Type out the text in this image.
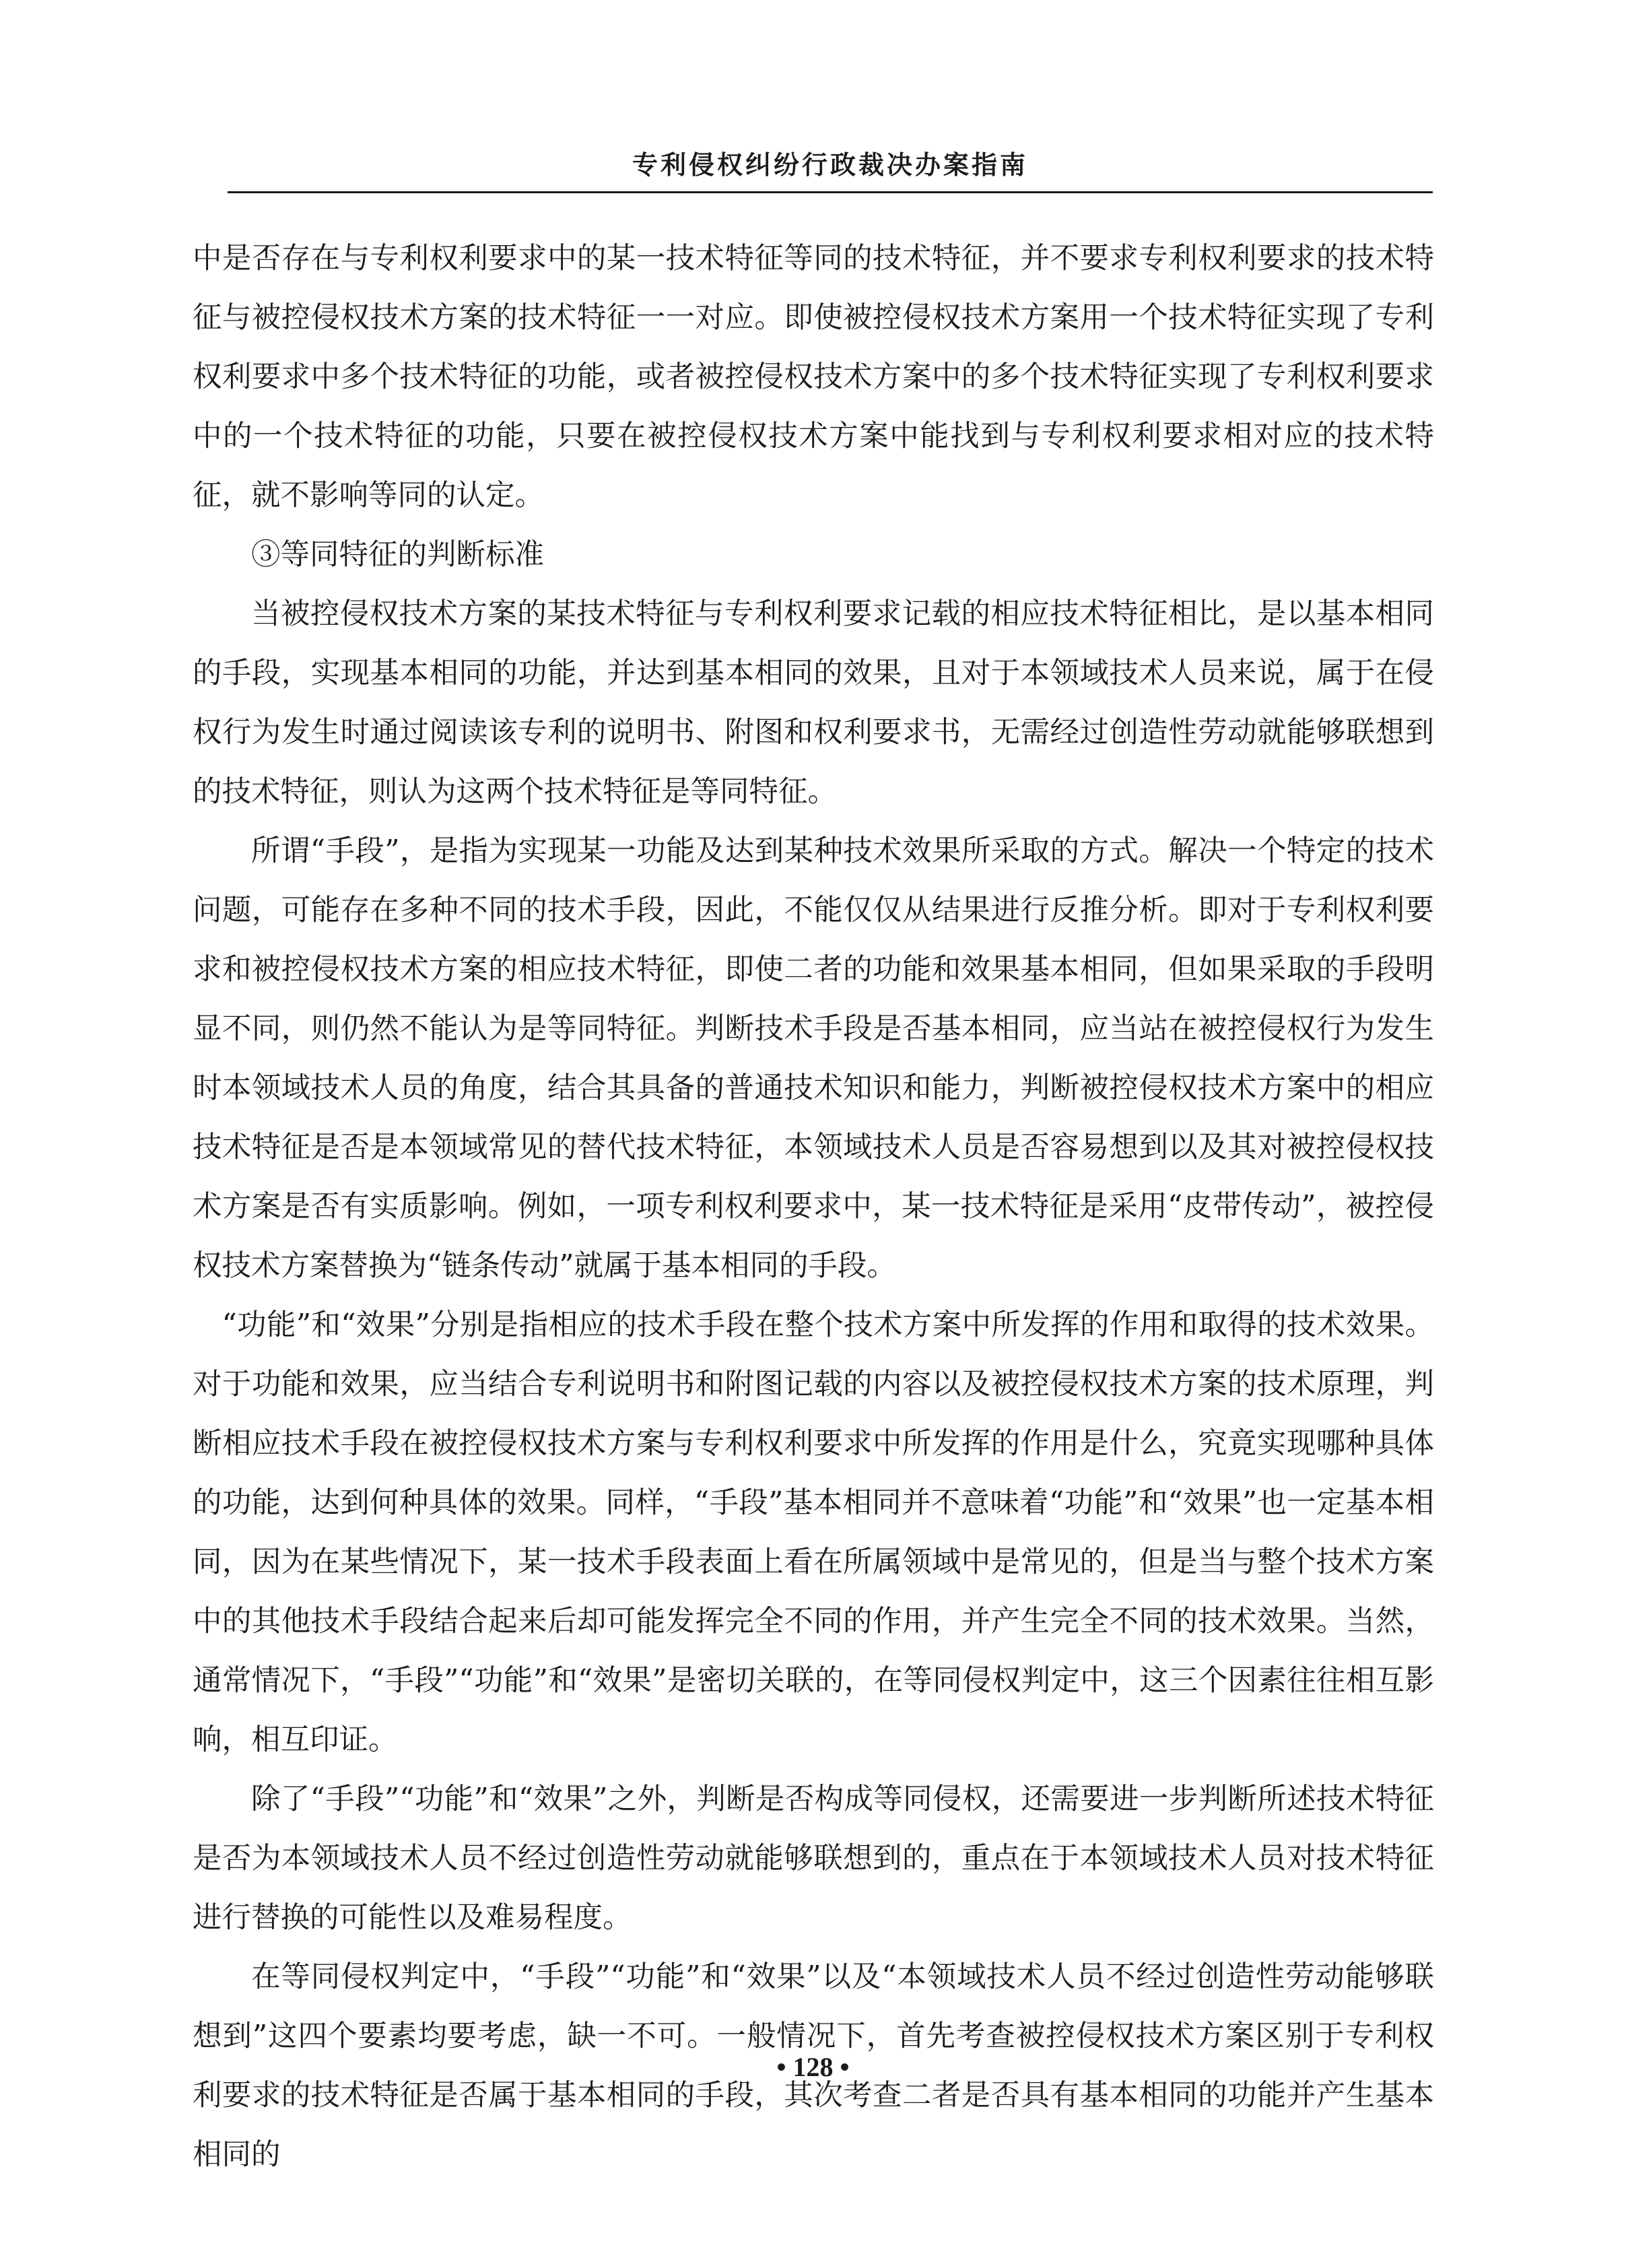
专利侵权纠纷行政裁决办案指南

中是否存在与专利权利要求中的某一技术特征等同的技术特征，并不要求专利权利要求的技术特征与被控侵权技术方案的技术特征一一对应。即使被控侵权技术方案用一个技术特征实现了专利权利要求中多个技术特征的功能，或者被控侵权技术方案中的多个技术特征实现了专利权利要求中的一个技术特征的功能，只要在被控侵权技术方案中能找到与专利权利要求相对应的技术特征，就不影响等同的认定。

③等同特征的判断标准

当被控侵权技术方案的某技术特征与专利权利要求记载的相应技术特征相比，是以基本相同的手段，实现基本相同的功能，并达到基本相同的效果，且对于本领域技术人员来说，属于在侵权行为发生时通过阅读该专利的说明书、附图和权利要求书，无需经过创造性劳动就能够联想到的技术特征，则认为这两个技术特征是等同特征。

所谓“手段”，是指为实现某一功能及达到某种技术效果所采取的方式。解决一个特定的技术问题，可能存在多种不同的技术手段，因此，不能仅仅从结果进行反推分析。即对于专利权利要求和被控侵权技术方案的相应技术特征，即使二者的功能和效果基本相同，但如果采取的手段明显不同，则仍然不能认为是等同特征。判断技术手段是否基本相同，应当站在被控侵权行为发生时本领域技术人员的角度，结合其具备的普通技术知识和能力，判断被控侵权技术方案中的相应技术特征是否是本领域常见的替代技术特征，本领域技术人员是否容易想到以及其对被控侵权技术方案是否有实质影响。例如，一项专利权利要求中，某一技术特征是采用“皮带传动”，被控侵权技术方案替换为“链条传动”就属于基本相同的手段。

“功能”和“效果”分别是指相应的技术手段在整个技术方案中所发挥的作用和取得的技术效果。对于功能和效果，应当结合专利说明书和附图记载的内容以及被控侵权技术方案的技术原理，判断相应技术手段在被控侵权技术方案与专利权利要求中所发挥的作用是什么，究竟实现哪种具体的功能，达到何种具体的效果。同样，“手段”基本相同并不意味着“功能”和“效果”也一定基本相同，因为在某些情况下，某一技术手段表面上看在所属领域中是常见的，但是当与整个技术方案中的其他技术手段结合起来后却可能发挥完全不同的作用，并产生完全不同的技术效果。当然，通常情况下，“手段”“功能”和“效果”是密切关联的，在等同侵权判定中，这三个因素往往相互影响，相互印证。

除了“手段”“功能”和“效果”之外，判断是否构成等同侵权，还需要进一步判断所述技术特征是否为本领域技术人员不经过创造性劳动就能够联想到的，重点在于本领域技术人员对技术特征进行替换的可能性以及难易程度。

在等同侵权判定中，“手段”“功能”和“效果”以及“本领域技术人员不经过创造性劳动能够联想到”这四个要素均要考虑，缺一不可。一般情况下，首先考查被控侵权技术方案区别于专利权利要求的技术特征是否属于基本相同的手段，其次考查二者是否具有基本相同的功能并产生基本相同的

• 128 •
